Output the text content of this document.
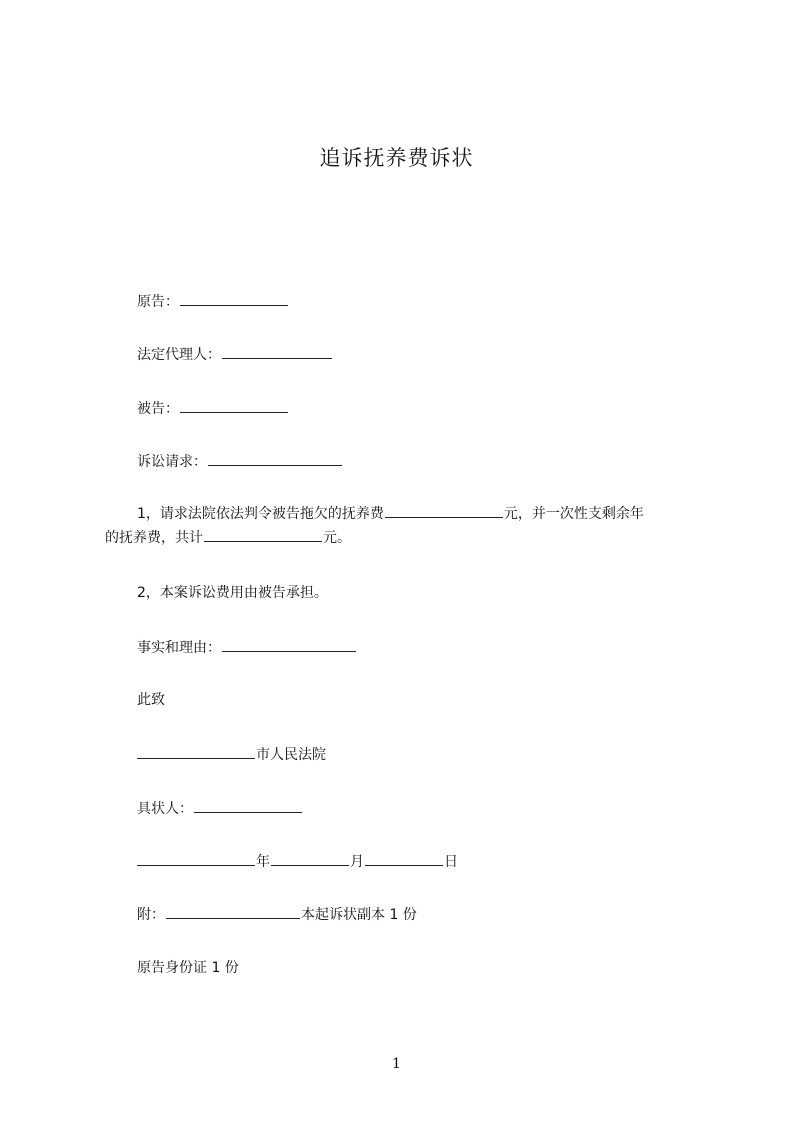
追诉抚养费诉状

原告：

法定代理人：

被告：

诉讼请求：

1，请求法院依法判令被告拖欠的抚养费	元，并一次性支剩余年
的抚养费，共计	元。

2，本案诉讼费用由被告承担。

事实和理由：

此致

市人民法院

具状人：

年	月	日

附：	本起诉状副本 1 份

原告身份证 1 份

1
